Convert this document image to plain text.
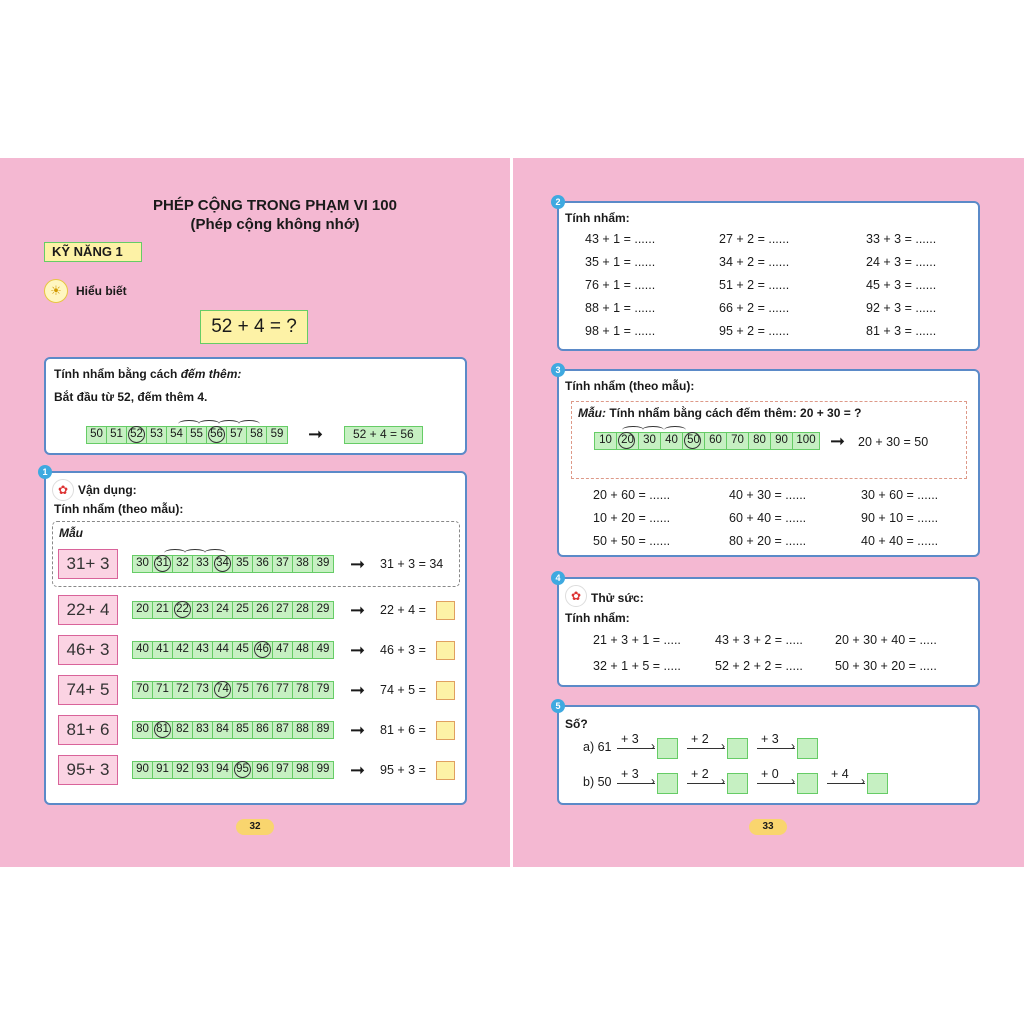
PHÉP CỘNG TRONG PHẠM VI 100
(Phép cộng không nhớ)
KỸ NĂNG 1
☀	Hiểu biết
52 + 4 = ?
Tính nhẩm bằng cách đếm thêm:
Bắt đầu từ 52, đếm thêm 4.
50 51 52 53 54 55 56 57 58 59 ➞	52 + 4 = 56
1
✿ Vận dụng:
Tính nhẩm (theo mẫu):
Mẫu
31+ 3	30 31 32 33 34 35 36 37 38 39 ➞ 31 + 3 = 34
22+ 4	20 21 22 23 24 25 26 27 28 29 ➞ 22 + 4 =
46+ 3	40 41 42 43 44 45 46 47 48 49 ➞ 46 + 3 =
74+ 5	70 71 72 73 74 75 76 77 78 79 ➞ 74 + 5 =
81+ 6	80 81 82 83 84 85 86 87 88 89 ➞ 81 + 6 =
95+ 3	90 91 92 93 94 95 96 97 98 99 ➞ 95 + 3 =
32
2
Tính nhẩm:
43 + 1 = ......	27 + 2 = ......	33 + 3 = ......
35 + 1 = ......	34 + 2 = ......	24 + 3 = ......
76 + 1 = ......	51 + 2 = ......	45 + 3 = ......
88 + 1 = ......	66 + 2 = ......	92 + 3 = ......
98 + 1 = ......	95 + 2 = ......	81 + 3 = ......
3
Tính nhẩm (theo mẫu):
Mẫu: Tính nhẩm bằng cách đếm thêm: 20 + 30 = ?
10 20 30 40 50 60 70 80 90 100 ➞ 20 + 30 = 50
20 + 60 = ......	40 + 30 = ......	30 + 60 = ......
10 + 20 = ......	60 + 40 = ......	90 + 10 = ......
50 + 50 = ......	80 + 20 = ......	40 + 40 = ......
4
✿ Thử sức:
Tính nhẩm:
21 + 3 + 1 = .....	43 + 3 + 2 = .....	20 + 30 + 40 = .....
32 + 1 + 5 = .....	52 + 2 + 2 = .....	50 + 30 + 20 = .....
5
Số?
a) 61
b) 50
›
+ 3	›
+ 2	›
+ 3
›
+ 3	›
+ 2	›
+ 0	›
+ 4
33
